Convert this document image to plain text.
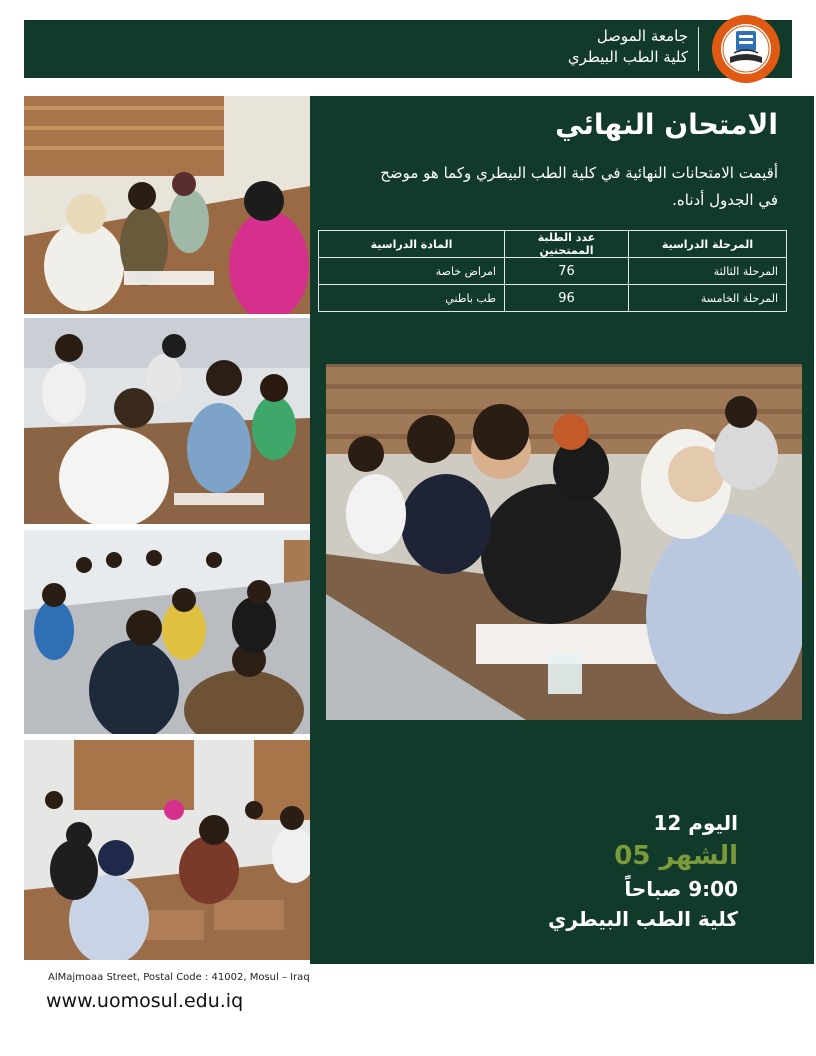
جامعة الموصل
كلية الطب البيطري
الامتحان النهائي
أقيمت الامتحانات النهائية في كلية الطب البيطري وكما هو موضح في الجدول أدناه.
المرحلة الدراسية	عدد الطلبة الممتحنين	المادة الدراسية
المرحلة الثالثة	76	امراض خاصة
المرحلة الخامسة	96	طب باطني
اليوم 12
الشهر 05
9:00 صباحاً
كلية الطب البيطري
AlMajmoaa Street, Postal Code : 41002, Mosul – Iraq
www.uomosul.edu.iq
